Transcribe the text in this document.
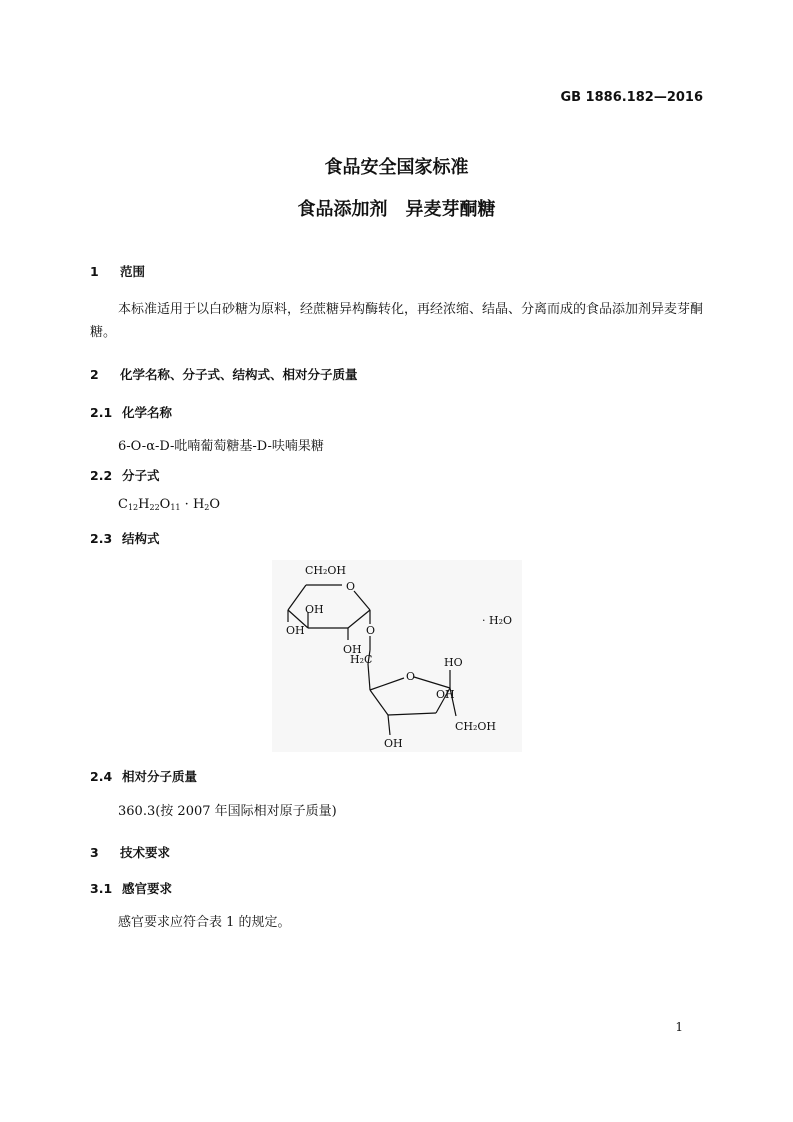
GB 1886.182—2016
食品安全国家标准
食品添加剂　异麦芽酮糖
1 范围
本标准适用于以白砂糖为原料，经蔗糖异构酶转化，再经浓缩、结晶、分离而成的食品添加剂异麦芽酮糖。
2 化学名称、分子式、结构式、相对分子质量
2.1 化学名称
6-O-α-D-吡喃葡萄糖基-D-呋喃果糖
2.2 分子式
$C_{12}H_{22}O_{11} \cdot H_2O$
2.3 结构式
CH₂OH
O
OH
OH	O
OH
H₂C	HO
O
OH
CH₂OH
OH
· H₂O
2.4 相对分子质量
360.3(按 2007 年国际相对原子质量)
3 技术要求
3.1 感官要求
感官要求应符合表 1 的规定。
1
